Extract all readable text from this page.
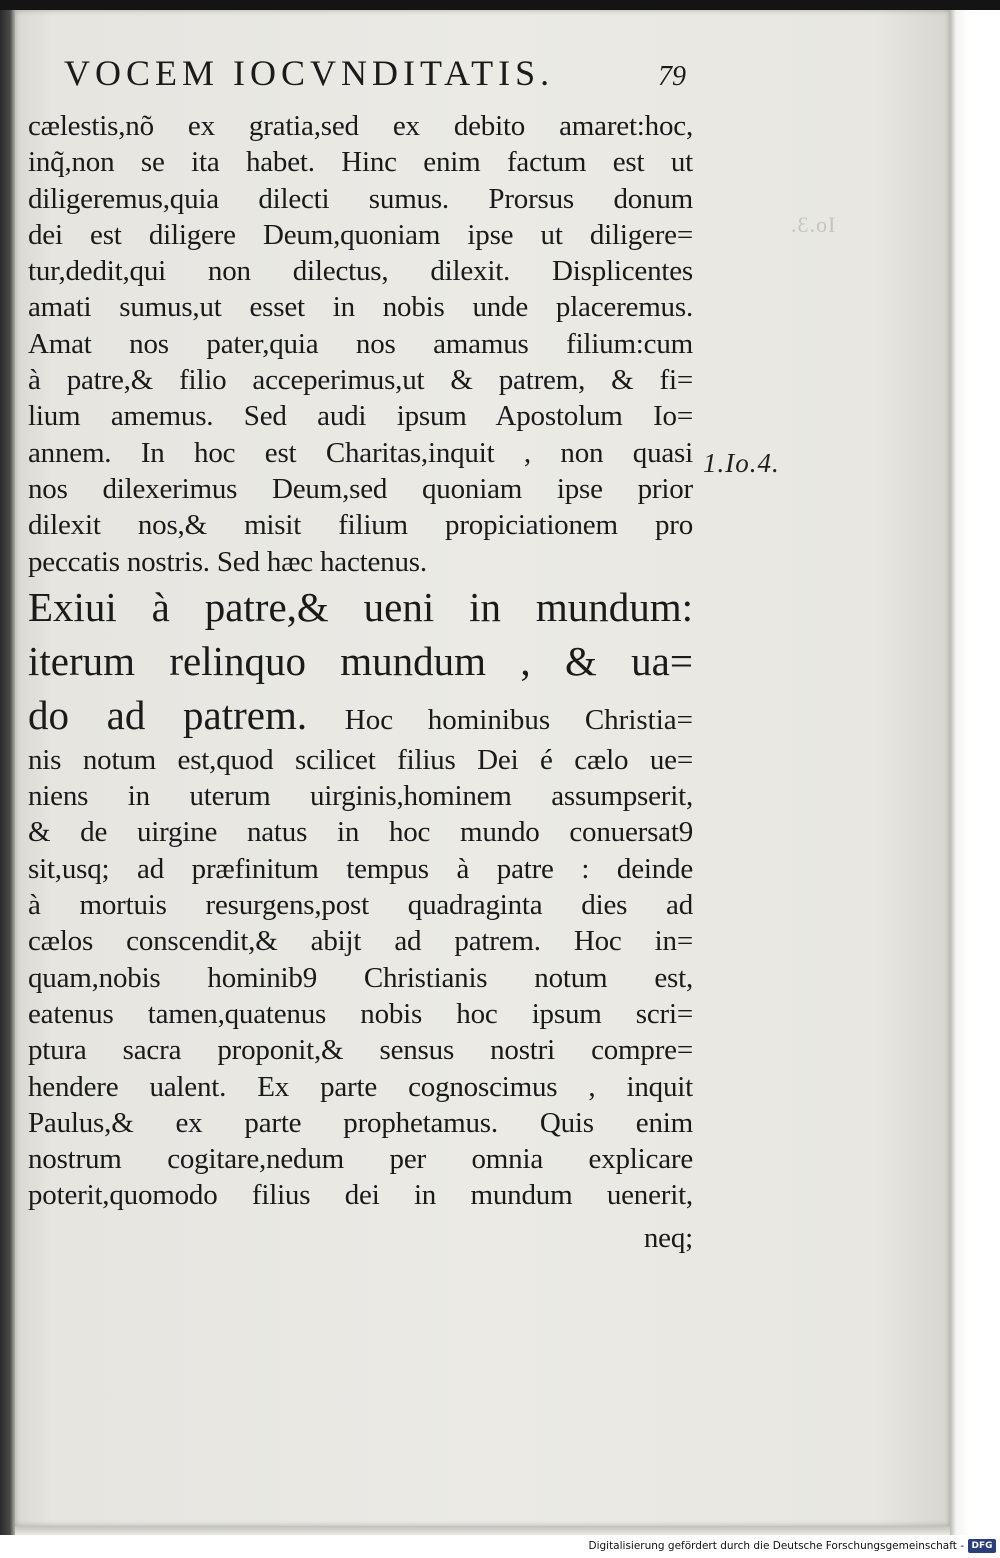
Io.3.
VOCEM IOCVNDITATIS.	79
cælestis,nõ ex gratia,sed ex debito amaret:hoc,
inq̃,non se ita habet. Hinc enim factum est ut
diligeremus,quia dilecti sumus. Prorsus donum
dei est diligere Deum,quoniam ipse ut diligere=
tur,dedit,qui non dilectus, dilexit. Displicentes
amati sumus,ut esset in nobis unde placeremus.
Amat nos pater,quia nos amamus filium:cum
à patre,& filio acceperimus,ut & patrem, & fi=
lium amemus. Sed audi ipsum Apostolum Io=
annem. In hoc est Charitas,inquit , non quasi
nos dilexerimus Deum,sed quoniam ipse prior
dilexit nos,& misit filium propiciationem pro
peccatis nostris. Sed hæc hactenus.
Exiui à patre,& ueni in mundum:
iterum relinquo mundum , & ua=
do ad patrem. Hoc hominibus Christia=
nis notum est,quod scilicet filius Dei é cælo ue=
niens in uterum uirginis,hominem assumpserit,
& de uirgine natus in hoc mundo conuersat9
sit,usq; ad præfinitum tempus à patre : deinde
à mortuis resurgens,post quadraginta dies ad
cælos conscendit,& abijt ad patrem. Hoc in=
quam,nobis hominib9 Christianis notum est,
eatenus tamen,quatenus nobis hoc ipsum scri=
ptura sacra proponit,& sensus nostri compre=
hendere ualent. Ex parte cognoscimus , inquit
Paulus,& ex parte prophetamus. Quis enim
nostrum cogitare,nedum per omnia explicare
poterit,quomodo filius dei in mundum uenerit,
neq;
1.Io.4.
Digitalisierung gefördert durch die Deutsche Forschungsgemeinschaft - DFG
